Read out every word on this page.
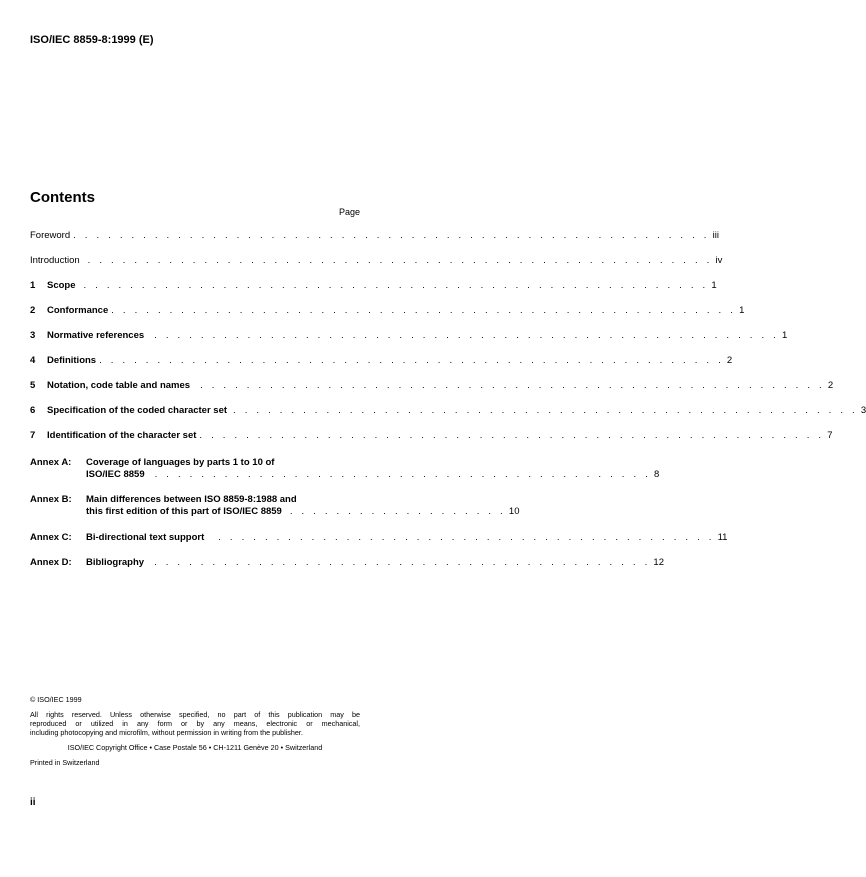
ISO/IEC 8859-8:1999 (E)
Contents
Page
Foreword . . . . . . . . . . . . . . . . . . . . . . . . . . . . . . . . . . . . . . . . . . . . . . . . . . . . . . . iii
Introduction . . . . . . . . . . . . . . . . . . . . . . . . . . . . . . . . . . . . . . . . . . . . . . . . . . . . . . iv
1	Scope . . . . . . . . . . . . . . . . . . . . . . . . . . . . . . . . . . . . . . . . . . . . . . . . . . . . . . 1
2	Conformance . . . . . . . . . . . . . . . . . . . . . . . . . . . . . . . . . . . . . . . . . . . . . . . . . . . . . . 1
3	Normative references . . . . . . . . . . . . . . . . . . . . . . . . . . . . . . . . . . . . . . . . . . . . . . . . . . . . . . 1
4	Definitions . . . . . . . . . . . . . . . . . . . . . . . . . . . . . . . . . . . . . . . . . . . . . . . . . . . . . . 2
5	Notation, code table and names . . . . . . . . . . . . . . . . . . . . . . . . . . . . . . . . . . . . . . . . . . . . . . . . . . . . . . 2
6	Specification of the coded character set . . . . . . . . . . . . . . . . . . . . . . . . . . . . . . . . . . . . . . . . . . . . . . . . . . . . . . 3
7	Identification of the character set . . . . . . . . . . . . . . . . . . . . . . . . . . . . . . . . . . . . . . . . . . . . . . . . . . . . . . 7
Annex A:	Coverage of languages by parts 1 to 10 of
ISO/IEC 8859 . . . . . . . . . . . . . . . . . . . . . . . . . . . . . . . . . . . . . . . . . . . 8
Annex B:	Main differences between ISO 8859-8:1988 and
this first edition of this part of ISO/IEC 8859 . . . . . . . . . . . . . . . . . . . 10
Annex C:	Bi-directional text support . . . . . . . . . . . . . . . . . . . . . . . . . . . . . . . . . . . . . . . . . . . 11
Annex D:	Bibliography . . . . . . . . . . . . . . . . . . . . . . . . . . . . . . . . . . . . . . . . . . . 12
© ISO/IEC 1999
All rights reserved. Unless otherwise specified, no part of this publication may be
reproduced or utilized in any form or by any means, electronic or mechanical,
including photocopying and microfilm, without permission in writing from the publisher.
ISO/IEC Copyright Office • Case Postale 56 • CH-1211 Genève 20 • Switzerland
Printed in Switzerland
ii
